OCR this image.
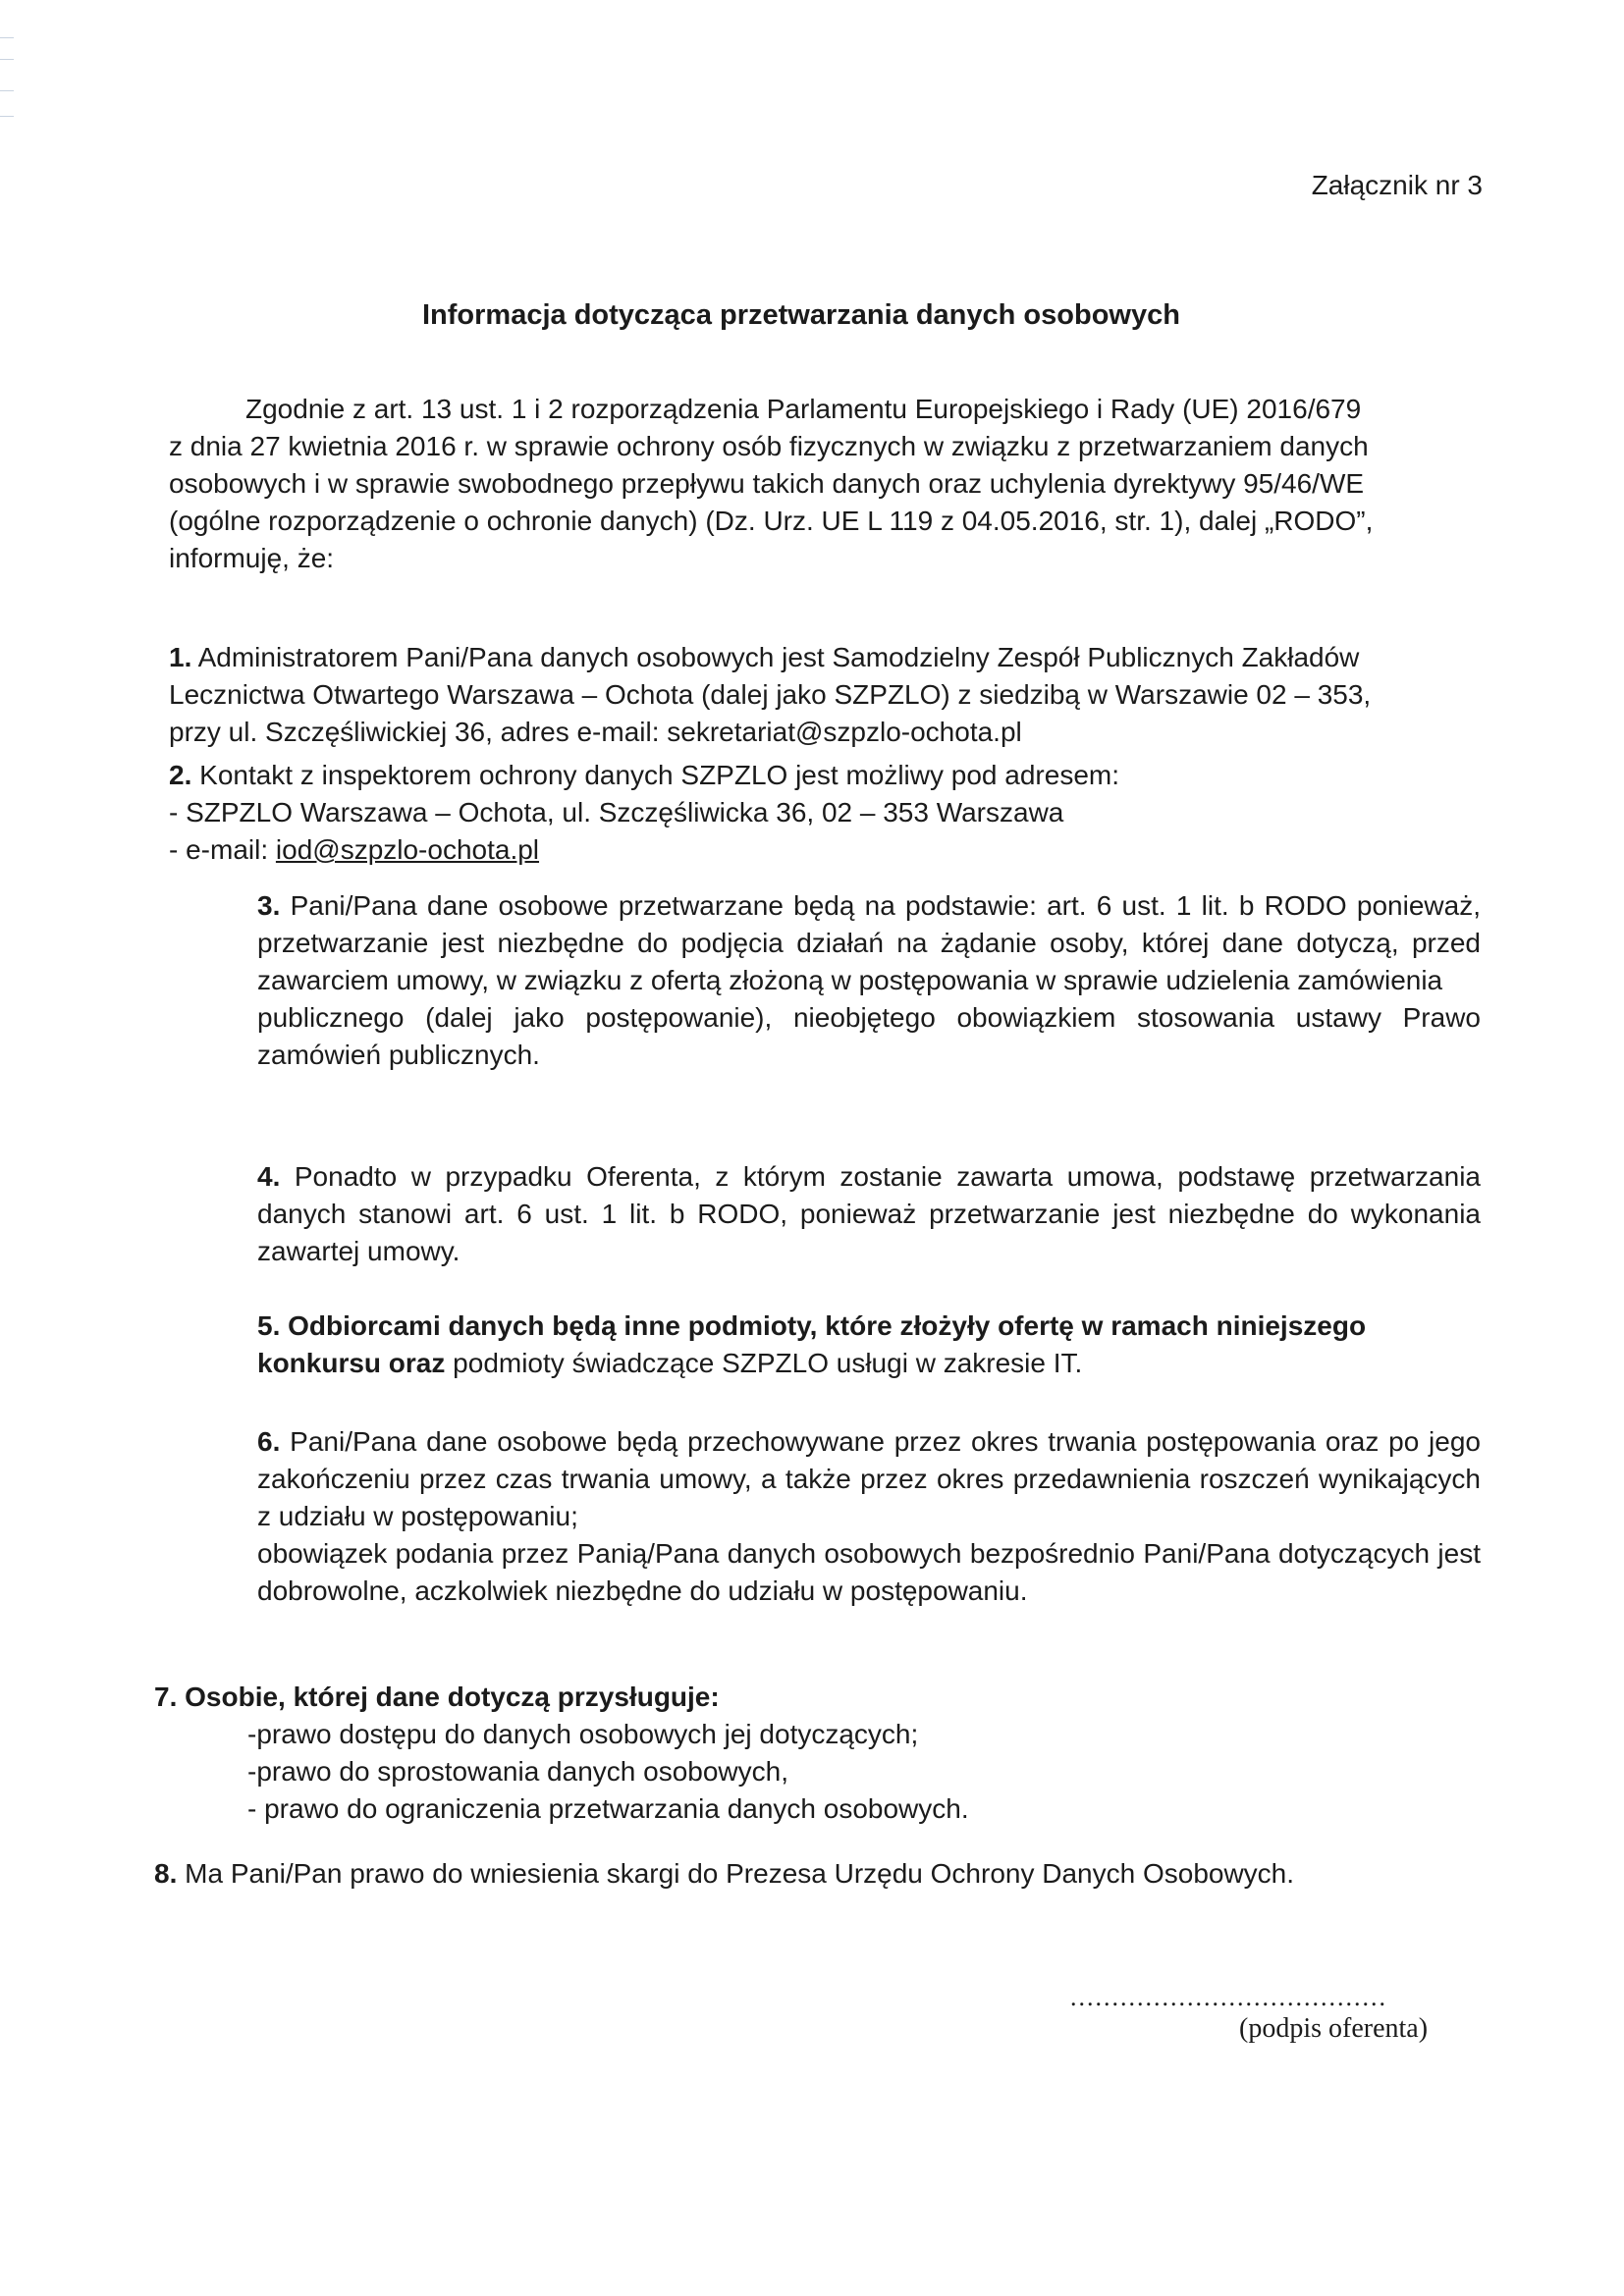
Załącznik nr 3
Informacja dotycząca przetwarzania danych osobowych
Zgodnie z art. 13 ust. 1 i 2 rozporządzenia Parlamentu Europejskiego i Rady (UE) 2016/679
z dnia 27 kwietnia 2016 r. w sprawie ochrony osób fizycznych w związku z przetwarzaniem danych
osobowych i w sprawie swobodnego przepływu takich danych oraz uchylenia dyrektywy 95/46/WE
(ogólne rozporządzenie o ochronie danych) (Dz. Urz. UE L 119 z 04.05.2016, str. 1), dalej „RODO”,
informuję, że:
1. Administratorem Pani/Pana danych osobowych jest Samodzielny Zespół Publicznych Zakładów
Lecznictwa Otwartego Warszawa – Ochota (dalej jako SZPZLO) z siedzibą w Warszawie 02 – 353,
przy ul. Szczęśliwickiej 36, adres e-mail: sekretariat@szpzlo-ochota.pl
2. Kontakt z inspektorem ochrony danych SZPZLO jest możliwy pod adresem:
- SZPZLO Warszawa – Ochota, ul. Szczęśliwicka 36, 02 – 353 Warszawa
- e-mail: iod@szpzlo-ochota.pl
3. Pani/Pana dane osobowe przetwarzane będą na podstawie: art. 6 ust. 1 lit. b RODO ponieważ, przetwarzanie jest niezbędne do podjęcia działań na żądanie osoby, której dane dotyczą, przed zawarciem umowy, w związku z ofertą złożoną w postępowania w sprawie udzielenia zamówienia
publicznego (dalej jako postępowanie), nieobjętego obowiązkiem stosowania ustawy Prawo zamówień publicznych.
4. Ponadto w przypadku Oferenta, z którym zostanie zawarta umowa, podstawę przetwarzania danych stanowi art. 6 ust. 1 lit. b RODO, ponieważ przetwarzanie jest niezbędne do wykonania zawartej umowy.
5. Odbiorcami danych będą inne podmioty, które złożyły ofertę w ramach niniejszego konkursu oraz podmioty świadczące SZPZLO usługi w zakresie IT.
6. Pani/Pana dane osobowe będą przechowywane przez okres trwania postępowania oraz po jego zakończeniu przez czas trwania umowy, a także przez okres przedawnienia roszczeń wynikających z udziału w postępowaniu;
obowiązek podania przez Panią/Pana danych osobowych bezpośrednio Pani/Pana dotyczących jest dobrowolne, aczkolwiek niezbędne do udziału w postępowaniu.
7. Osobie, której dane dotyczą przysługuje:
-prawo dostępu do danych osobowych jej dotyczących;
-prawo do sprostowania danych osobowych,
- prawo do ograniczenia przetwarzania danych osobowych.
8. Ma Pani/Pan prawo do wniesienia skargi do Prezesa Urzędu Ochrony Danych Osobowych.
......................................
(podpis oferenta)
